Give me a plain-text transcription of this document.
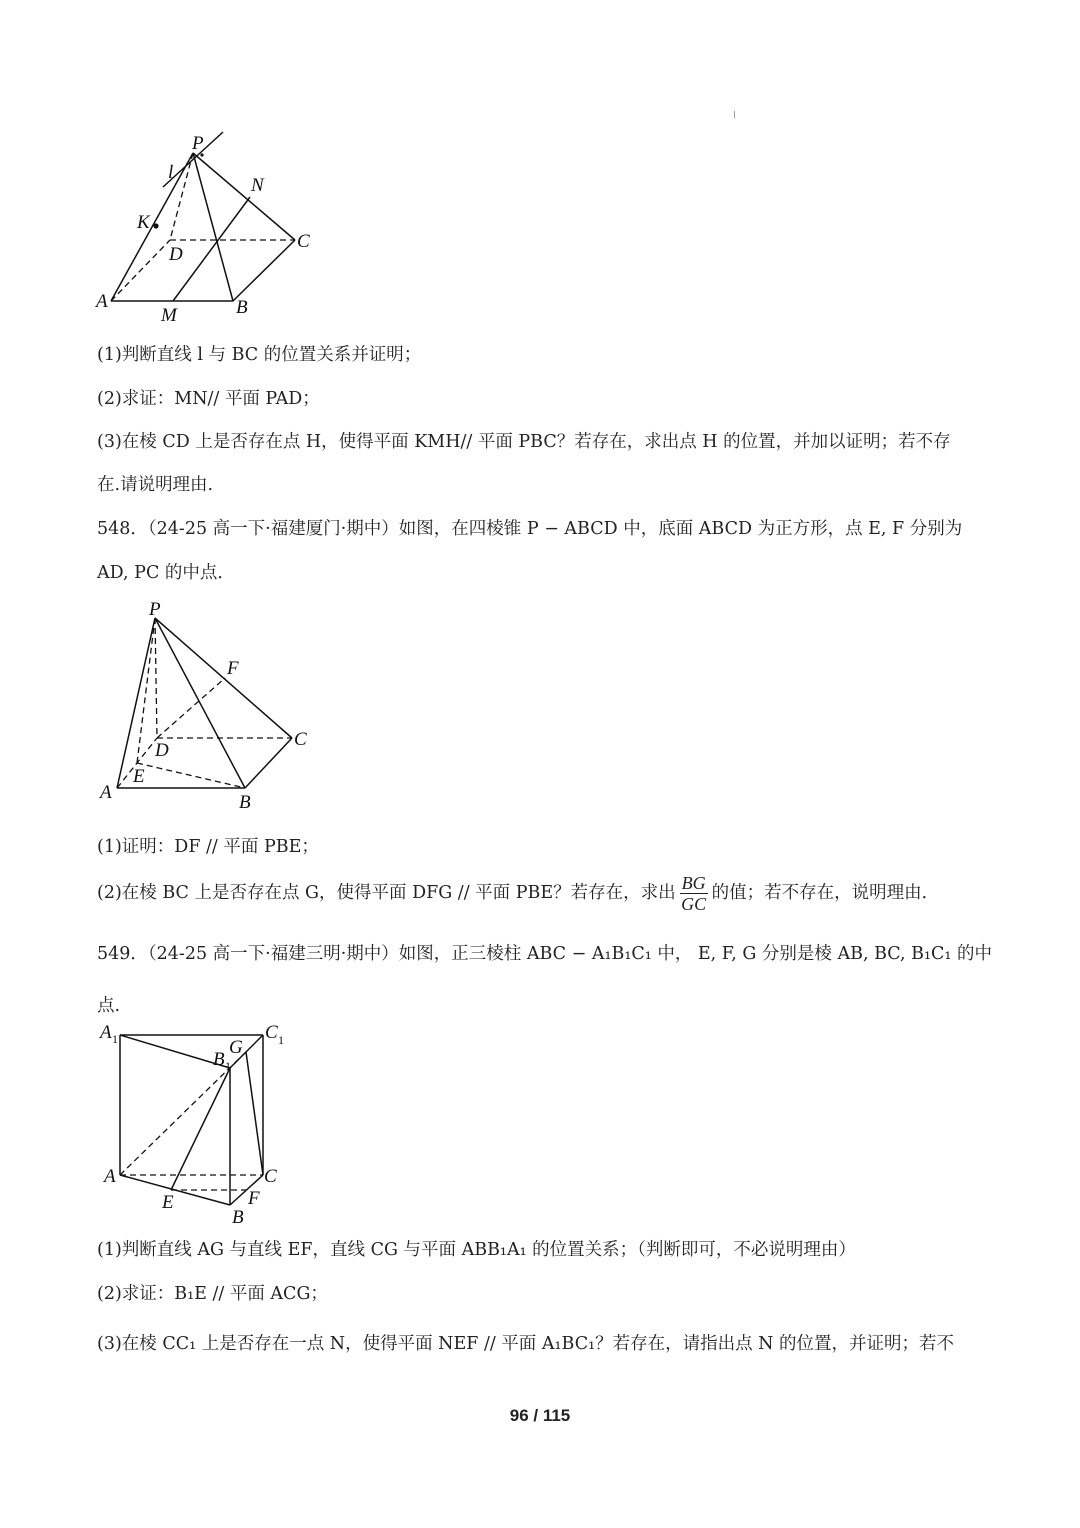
P
l
N
K
D
C
A
M	B
(1)判断直线 l 与 BC 的位置关系并证明；
(2)求证：MN// 平面 PAD；
(3)在棱 CD 上是否存在点 H，使得平面 KMH// 平面 PBC？若存在，求出点 H 的位置，并加以证明；若不存
在.请说明理由.
548．（24-25 高一下·福建厦门·期中）如图，在四棱锥 P − ABCD 中，底面 ABCD 为正方形，点 E, F 分别为
AD, PC 的中点．
P
F
C
D
E
A	B
(1)证明：DF // 平面 PBE；
(2)在棱 BC 上是否存在点 G，使得平面 DFG // 平面 PBE？若存在，求出 $\frac{BG}{GC}$ 的值；若不存在，说明理由．
549．（24-25 高一下·福建三明·期中）如图，正三棱柱 ABC − A₁B₁C₁ 中， E, F, G 分别是棱 AB, BC, B₁C₁ 的中
点.
A 1	G
C 1
B 1
A	C
E	F
B
(1)判断直线 AG 与直线 EF，直线 CG 与平面 ABB₁A₁ 的位置关系；（判断即可，不必说明理由）
(2)求证：B₁E // 平面 ACG；
(3)在棱 CC₁ 上是否存在一点 N，使得平面 NEF // 平面 A₁BC₁？若存在，请指出点 N 的位置，并证明；若不
96 / 115
